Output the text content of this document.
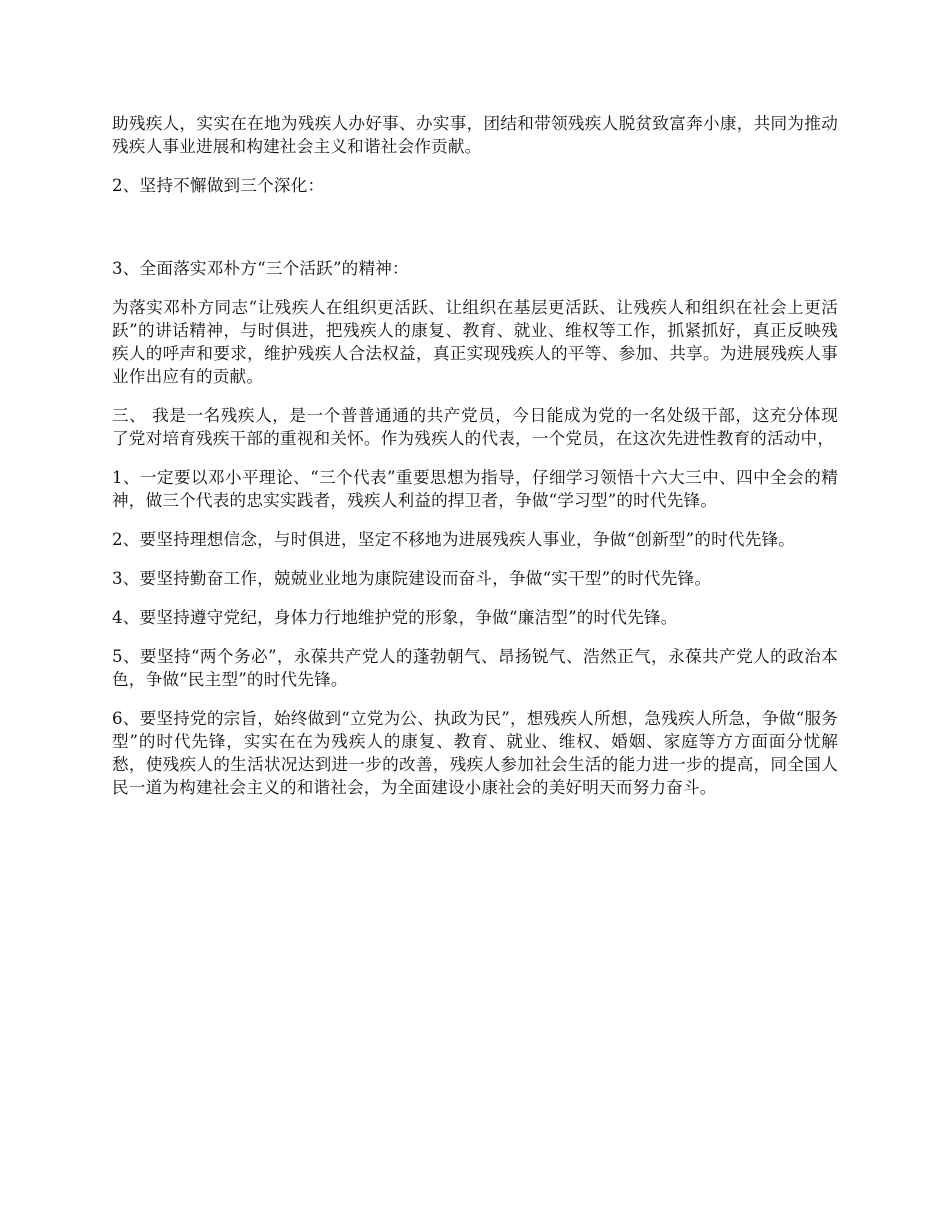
助残疾人，实实在在地为残疾人办好事、办实事，团结和带领残疾人脱贫致富奔小康，共同为推动残疾人事业进展和构建社会主义和谐社会作贡献。

2、坚持不懈做到三个深化：

3、全面落实邓朴方“三个活跃”的精神：

为落实邓朴方同志“让残疾人在组织更活跃、让组织在基层更活跃、让残疾人和组织在社会上更活跃”的讲话精神，与时俱进，把残疾人的康复、教育、就业、维权等工作，抓紧抓好，真正反映残疾人的呼声和要求，维护残疾人合法权益，真正实现残疾人的平等、参加、共享。为进展残疾人事业作出应有的贡献。

三、 我是一名残疾人，是一个普普通通的共产党员，今日能成为党的一名处级干部，这充分体现了党对培育残疾干部的重视和关怀。作为残疾人的代表，一个党员，在这次先进性教育的活动中，

1、一定要以邓小平理论、“三个代表”重要思想为指导，仔细学习领悟十六大三中、四中全会的精神，做三个代表的忠实实践者，残疾人利益的捍卫者，争做“学习型”的时代先锋。

2、要坚持理想信念，与时俱进，坚定不移地为进展残疾人事业，争做“创新型”的时代先锋。

3、要坚持勤奋工作，兢兢业业地为康院建设而奋斗，争做“实干型”的时代先锋。

4、要坚持遵守党纪，身体力行地维护党的形象，争做“廉洁型”的时代先锋。

5、要坚持“两个务必”，永葆共产党人的蓬勃朝气、昂扬锐气、浩然正气，永葆共产党人的政治本色，争做“民主型”的时代先锋。

6、要坚持党的宗旨，始终做到“立党为公、执政为民”，想残疾人所想，急残疾人所急，争做“服务型”的时代先锋，实实在在为残疾人的康复、教育、就业、维权、婚姻、家庭等方方面面分忧解愁，使残疾人的生活状况达到进一步的改善，残疾人参加社会生活的能力进一步的提高，同全国人民一道为构建社会主义的和谐社会，为全面建设小康社会的美好明天而努力奋斗。
